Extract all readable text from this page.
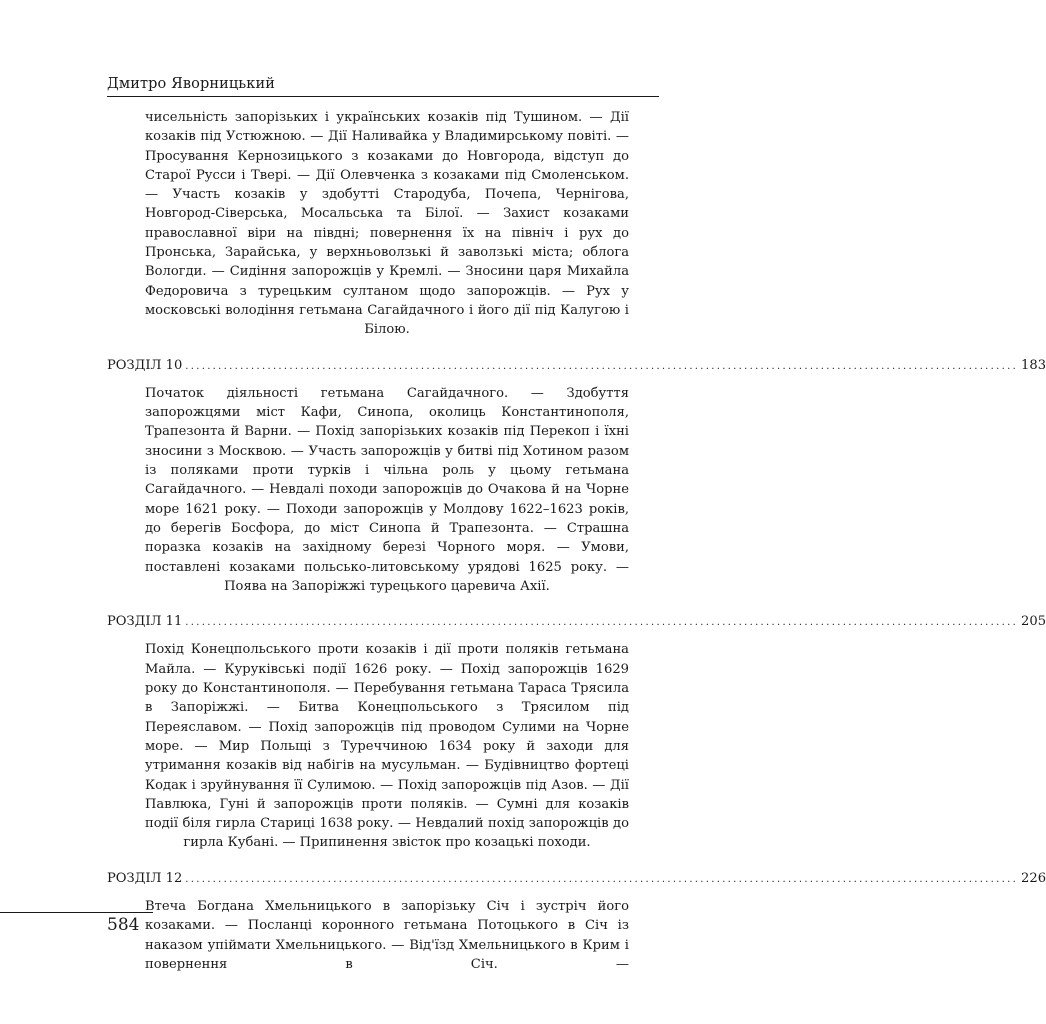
Дмитро Яворницький

чисельність запорізьких і українських козаків під Тушином. — Дії козаків під Устюжною. — Дії Наливайка у Владимирському повіті. — Просування Кернозицького з козаками до Новгорода, відступ до Старої Русси і Твері. — Дії Олевченка з козаками під Смоленськом. — Участь козаків у здобутті Стародуба, Почепа, Чернігова, Новгород-Сіверська, Мосальська та Білої. — Захист козаками православної віри на півдні; повернення їх на північ і рух до Пронська, Зарайська, у верхньоволзькі й заволзькі міста; облога Вологди. — Сидіння запорожців у Кремлі. — Зносини царя Михайла Федоровича з турецьким султаном щодо запорожців. — Рух у московські володіння гетьмана Сагайдачного і його дії під Калугою і Білою.

РОЗДІЛ 10 ........................................................................................................................................................ 183

Початок діяльності гетьмана Сагайдачного. — Здобуття запорожцями міст Кафи, Синопа, околиць Константинополя, Трапезонта й Варни. — Похід запорізьких козаків під Перекоп і їхні зносини з Москвою. — Участь запорожців у битві під Хотином разом із поляками проти турків і чільна роль у цьому гетьмана Сагайдачного. — Невдалі походи запорожців до Очакова й на Чорне море 1621 року. — Походи запорожців у Молдову 1622–1623 років, до берегів Босфора, до міст Синопа й Трапезонта. — Страшна поразка козаків на західному березі Чорного моря. — Умови, поставлені козаками польсько-литовському урядові 1625 року. — Поява на Запоріжжі турецького царевича Ахії.

РОЗДІЛ 11 ........................................................................................................................................................ 205

Похід Конецпольського проти козаків і дії проти поляків гетьмана Майла. — Куруківські події 1626 року. — Похід запорожців 1629 року до Константинополя. — Перебування гетьмана Тараса Трясила в Запоріжжі. — Битва Конецпольського з Трясилом під Переяславом. — Похід запорожців під проводом Сулими на Чорне море. — Мир Польщі з Туреччиною 1634 року й заходи для утримання козаків від набігів на мусульман. — Будівництво фортеці Кодак і зруйнування її Сулимою. — Похід запорожців під Азов. — Дії Павлюка, Гуні й запорожців проти поляків. — Сумні для козаків події біля гирла Стариці 1638 року. — Невдалий похід запорожців до гирла Кубані. — Припинення звісток про козацькі походи.

РОЗДІЛ 12 ........................................................................................................................................................ 226

Втеча Богдана Хмельницького в запорізьку Січ і зустріч його козаками. — Посланці коронного гетьмана Потоцького в Січ із наказом упіймати Хмельницького. — Від'їзд Хмельницького в Крим і повернення в Січ. —

584
